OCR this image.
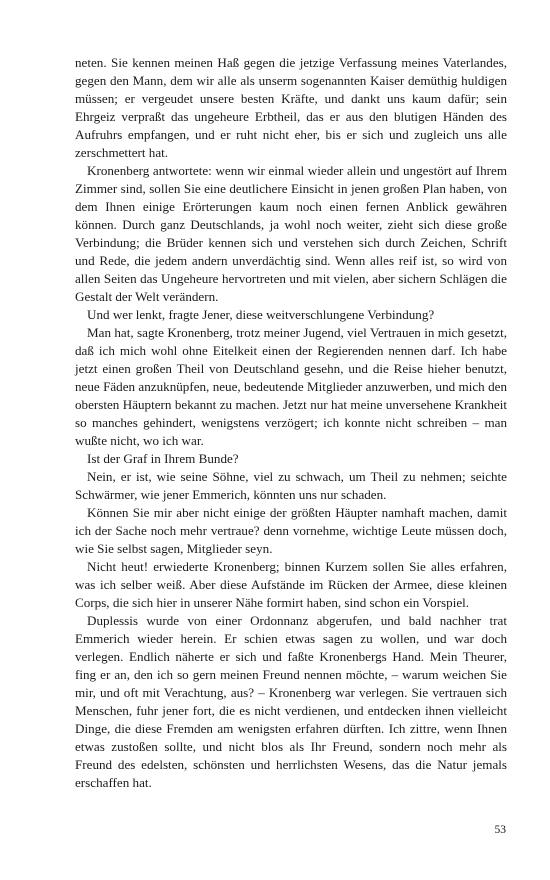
neten. Sie kennen meinen Haß gegen die jetzige Verfassung meines Vaterlandes, gegen den Mann, dem wir alle als unserm sogenannten Kaiser demüthig huldigen müssen; er vergeudet unsere besten Kräfte, und dankt uns kaum dafür; sein Ehrgeiz verpraßt das ungeheure Erbtheil, das er aus den blutigen Händen des Aufruhrs empfangen, und er ruht nicht eher, bis er sich und zugleich uns alle zerschmettert hat.

Kronenberg antwortete: wenn wir einmal wieder allein und ungestört auf Ihrem Zimmer sind, sollen Sie eine deutlichere Einsicht in jenen großen Plan haben, von dem Ihnen einige Erörterungen kaum noch einen fernen Anblick gewähren können. Durch ganz Deutschlands, ja wohl noch weiter, zieht sich diese große Verbindung; die Brüder kennen sich und verstehen sich durch Zeichen, Schrift und Rede, die jedem andern unverdächtig sind. Wenn alles reif ist, so wird von allen Seiten das Ungeheure hervortreten und mit vielen, aber sichern Schlägen die Gestalt der Welt verändern.

Und wer lenkt, fragte Jener, diese weitverschlungene Verbindung?

Man hat, sagte Kronenberg, trotz meiner Jugend, viel Vertrauen in mich gesetzt, daß ich mich wohl ohne Eitelkeit einen der Regierenden nennen darf. Ich habe jetzt einen großen Theil von Deutschland gesehn, und die Reise hieher benutzt, neue Fäden anzuknüpfen, neue, bedeutende Mitglieder anzuwerben, und mich den obersten Häuptern bekannt zu machen. Jetzt nur hat meine unversehene Krankheit so manches gehindert, wenigstens verzögert; ich konnte nicht schreiben – man wußte nicht, wo ich war.

Ist der Graf in Ihrem Bunde?

Nein, er ist, wie seine Söhne, viel zu schwach, um Theil zu nehmen; seichte Schwärmer, wie jener Emmerich, könnten uns nur schaden.

Können Sie mir aber nicht einige der größten Häupter namhaft machen, damit ich der Sache noch mehr vertraue? denn vornehme, wichtige Leute müssen doch, wie Sie selbst sagen, Mitglieder seyn.

Nicht heut! erwiederte Kronenberg; binnen Kurzem sollen Sie alles erfahren, was ich selber weiß. Aber diese Aufstände im Rücken der Armee, diese kleinen Corps, die sich hier in unserer Nähe formirt haben, sind schon ein Vorspiel.

Duplessis wurde von einer Ordonnanz abgerufen, und bald nachher trat Emmerich wieder herein. Er schien etwas sagen zu wollen, und war doch verlegen. Endlich näherte er sich und faßte Kronenbergs Hand. Mein Theurer, fing er an, den ich so gern meinen Freund nennen möchte, – warum weichen Sie mir, und oft mit Verachtung, aus? – Kronenberg war verlegen. Sie vertrauen sich Menschen, fuhr jener fort, die es nicht verdienen, und entdecken ihnen vielleicht Dinge, die diese Fremden am wenigsten erfahren dürften. Ich zittre, wenn Ihnen etwas zustoßen sollte, und nicht blos als Ihr Freund, sondern noch mehr als Freund des edelsten, schönsten und herrlichsten Wesens, das die Natur jemals erschaffen hat.

53
